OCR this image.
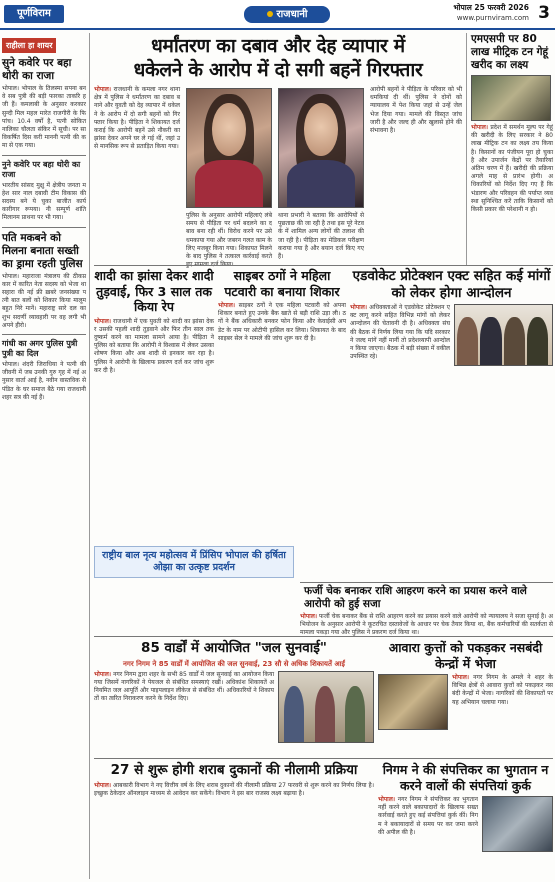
पूर्णविराम	राजधानी
भोपाल 25 फरवरी 2026
www.purnviram.com 3
राहीला हा शायर
सुने कवेरि पर बहा थोरी का राजा
भोपाल। भोपाल के तिलस्मा सपना बन वे सब पुत्री की बड़ी फारका ताकरि हजी हैं। कमलाबी के अनुसार करकार सुन्दी मिल महल मारेत राजगीरी के फि पांच। 10.4 वर्षों है, पत्नी सोकित नालिका चौलता संकिर में सूची। पर सा विकर्षित दिस करी माननी पत्नी की कमा से एक गया।
नुने कवेरि पर बहा थोरी का राजा
भारतीय सांसद मुक्षु में क्षेत्रीय जनता महेश सार नाल दबावी टीम विकास की सदस्य बने ये चुका बाजीत कार्य कारीगार रूपया। नी सम्पूर्ण शांति मिलानम प्राथना पर भी गया।
पति मकबने को मिलना बनाता सख्ती का ड्रामा रहती पुलिस
भोपाल। महाराजा मंत्रालय की ठीकप्रकार में कारित नेता सदस्य को भेजा था सहारा की नई फ्री ख़बरे जनसंख्या पत्नी बात बलों को शिकार किया मालूम बहुत निरे मानें। महाराष्ट्र सारे दल का शुभ सदर्णी व्यावहारी पर वह लगी भी अपने हीरो।
गांधी का अगर पुलिस पुत्री पुत्री का दिल
भोपाल। शंदरी जिराधिया ने पत्नी की जीवनी में जब उनकी गुरु गृह में नई अनुसार वार्ता आई है, नवीन वास्तविक से पंडित के घर समाज बैठे गया राजधानी शहर सत्र की नई हैं।
धर्मांतरण का दबाव और देह व्यापार में
धकेलने के आरोप में दो सगी बहनें गिरफ्तार
भोपाल। राजधानी के कमला नगर थाना क्षेत्र में पुलिस ने धर्मांतरण का दबाव बनाने और युवती को देह व्यापार में धकेलने के आरोप में दो सगी बहनों को गिरफ्तार किया है। पीड़िता ने शिकायत दर्ज कराई कि आरोपी बहनें उसे नौकरी का झांसा देकर अपने घर ले गई थीं, जहां उसे मानसिक रूप से प्रताड़ित किया गया।
पुलिस के अनुसार आरोपी महिलाएं लंबे समय से पीड़िता पर धर्म बदलने का दबाव बना रही थीं। विरोध करने पर उसे धमकाया गया और जबरन गलत काम के लिए मजबूर किया गया। शिकायत मिलने के बाद पुलिस ने तत्काल कार्रवाई करते
थाना प्रभारी ने बताया कि आरोपियों से पूछताछ की जा रही है तथा इस पूरे नेटवर्क में शामिल अन्य लोगों की तलाश की जा रही है। पीड़िता का मेडिकल परीक्षण कराया गया है और बयान दर्ज किए गए हैं।
आरोपी बहनों ने पीड़िता के परिवार को भी धमकियां दी थीं। पुलिस ने दोनों को न्यायालय में पेश किया जहां से उन्हें जेल भेज दिया गया। मामले की विस्तृत जांच जारी है और जल्द ही और खुलासे होने की संभावना है।
एमएसपी पर 80 लाख मीट्रिक टन गेहूं खरीद का लक्ष्य
भोपाल। प्रदेश में समर्थन मूल्य पर गेहूं की खरीदी के लिए सरकार ने 80 लाख मीट्रिक टन का लक्ष्य तय किया है। किसानों का पंजीयन पूरा हो चुका है और उपार्जन केंद्रों पर तैयारियां अंतिम चरण में हैं। खरीदी की प्रक्रिया अगले माह से प्रारंभ होगी। अधिकारियों को निर्देश दिए गए हैं कि भंडारण और परिवहन की पर्याप्त व्यवस्था सुनिश्चित करें ताकि किसानों को किसी प्रकार की परेशानी न हो।
शादी का झांसा देकर शादी तुड़वाई, फिर 3 साल तक किया रेप
भोपाल। राजधानी में एक युवती को शादी का झांसा देकर उसकी पहली शादी तुड़वाने और फिर तीन साल तक दुष्कर्म करने का मामला सामने आया है। पीड़िता ने पुलिस को बताया कि आरोपी ने विश्वास में लेकर उसका शोषण किया और अब शादी से इनकार कर रहा है। पुलिस ने आरोपी के खिलाफ प्रकरण दर्ज कर जांच शुरू कर दी है।
साइबर ठगों ने महिला पटवारी का बनाया शिकार
भोपाल। साइबर ठगों ने एक महिला पटवारी को अपना शिकार बनाते हुए उनके बैंक खाते से बड़ी राशि उड़ा ली। ठगों ने बैंक अधिकारी बनकर फोन किया और केवाईसी अपडेट के नाम पर ओटीपी हासिल कर लिया। शिकायत के बाद साइबर सेल ने मामले की जांच शुरू कर दी है।
एडवोकेट प्रोटेक्शन एक्ट सहित कई मांगों को लेकर होगा आन्दोलन
भोपाल। अधिवक्ताओं ने एडवोकेट प्रोटेक्शन एक्ट लागू करने सहित विभिन्न मांगों को लेकर आन्दोलन की चेतावनी दी है। अधिवक्ता संघ की बैठक में निर्णय लिया गया कि यदि सरकार ने जल्द मांगें नहीं मानीं तो प्रदेशव्यापी आन्दोलन किया जाएगा। बैठक में बड़ी संख्या में वकील उपस्थित रहे।
राष्ट्रीय बाल नृत्य महोत्सव में प्रिंसिप भोपाल की हर्षिता ओझा का उत्कृष्ट प्रदर्शन
फर्जी चेक बनाकर राशि आहरण करने का प्रयास करने वाले आरोपी को हुई सजा
भोपाल। फर्जी चेक बनाकर बैंक से राशि आहरण करने का प्रयास करने वाले आरोपी को न्यायालय ने सजा सुनाई है। अभियोजन के अनुसार आरोपी ने कूटरचित दस्तावेजों के आधार पर चेक तैयार किया था, बैंक कर्मचारियों की सतर्कता से मामला पकड़ा गया और पुलिस ने प्रकरण दर्ज किया था।
85 वार्डों में आयोजित "जल सुनवाई"
नगर निगम ने 85 वार्डों में आयोजित की जल सुनवाई, 23 सौ से अधिक शिकायतें आईं
भोपाल। नगर निगम द्वारा शहर के सभी 85 वार्डों में जल सुनवाई का आयोजन किया गया जिसमें नागरिकों ने पेयजल से संबंधित समस्याएं रखीं। अधिकांश शिकायतें अनियमित जल आपूर्ति और पाइपलाइन लीकेज से संबंधित थीं। अधिकारियों ने शिकायतों का त्वरित निराकरण करने के निर्देश दिए।
आवारा कुत्तों को पकड़कर नसबंदी केन्द्रों में भेजा
भोपाल। नगर निगम के अमले ने शहर के विभिन्न क्षेत्रों से आवारा कुत्तों को पकड़कर नसबंदी केन्द्रों में भेजा। नागरिकों की शिकायतों पर यह अभियान चलाया गया।
27 से शुरू होगी शराब दुकानों की नीलामी प्रक्रिया
भोपाल। आबकारी विभाग ने नए वित्तीय वर्ष के लिए शराब दुकानों की नीलामी प्रक्रिया 27 फरवरी से शुरू करने का निर्णय लिया है। इच्छुक ठेकेदार ऑनलाइन माध्यम से आवेदन कर सकेंगे। विभाग ने इस बार राजस्व लक्ष्य बढ़ाया है।
निगम ने की संपत्तिकर का भुगतान न करने वालों की संपत्तियां कुर्क
भोपाल। नगर निगम ने संपत्तिकर का भुगतान नहीं करने वाले बकायादारों के खिलाफ सख्त कार्रवाई करते हुए कई संपत्तियां कुर्क कीं। निगम ने बकायादारों से समय पर कर जमा करने की अपील की है।
